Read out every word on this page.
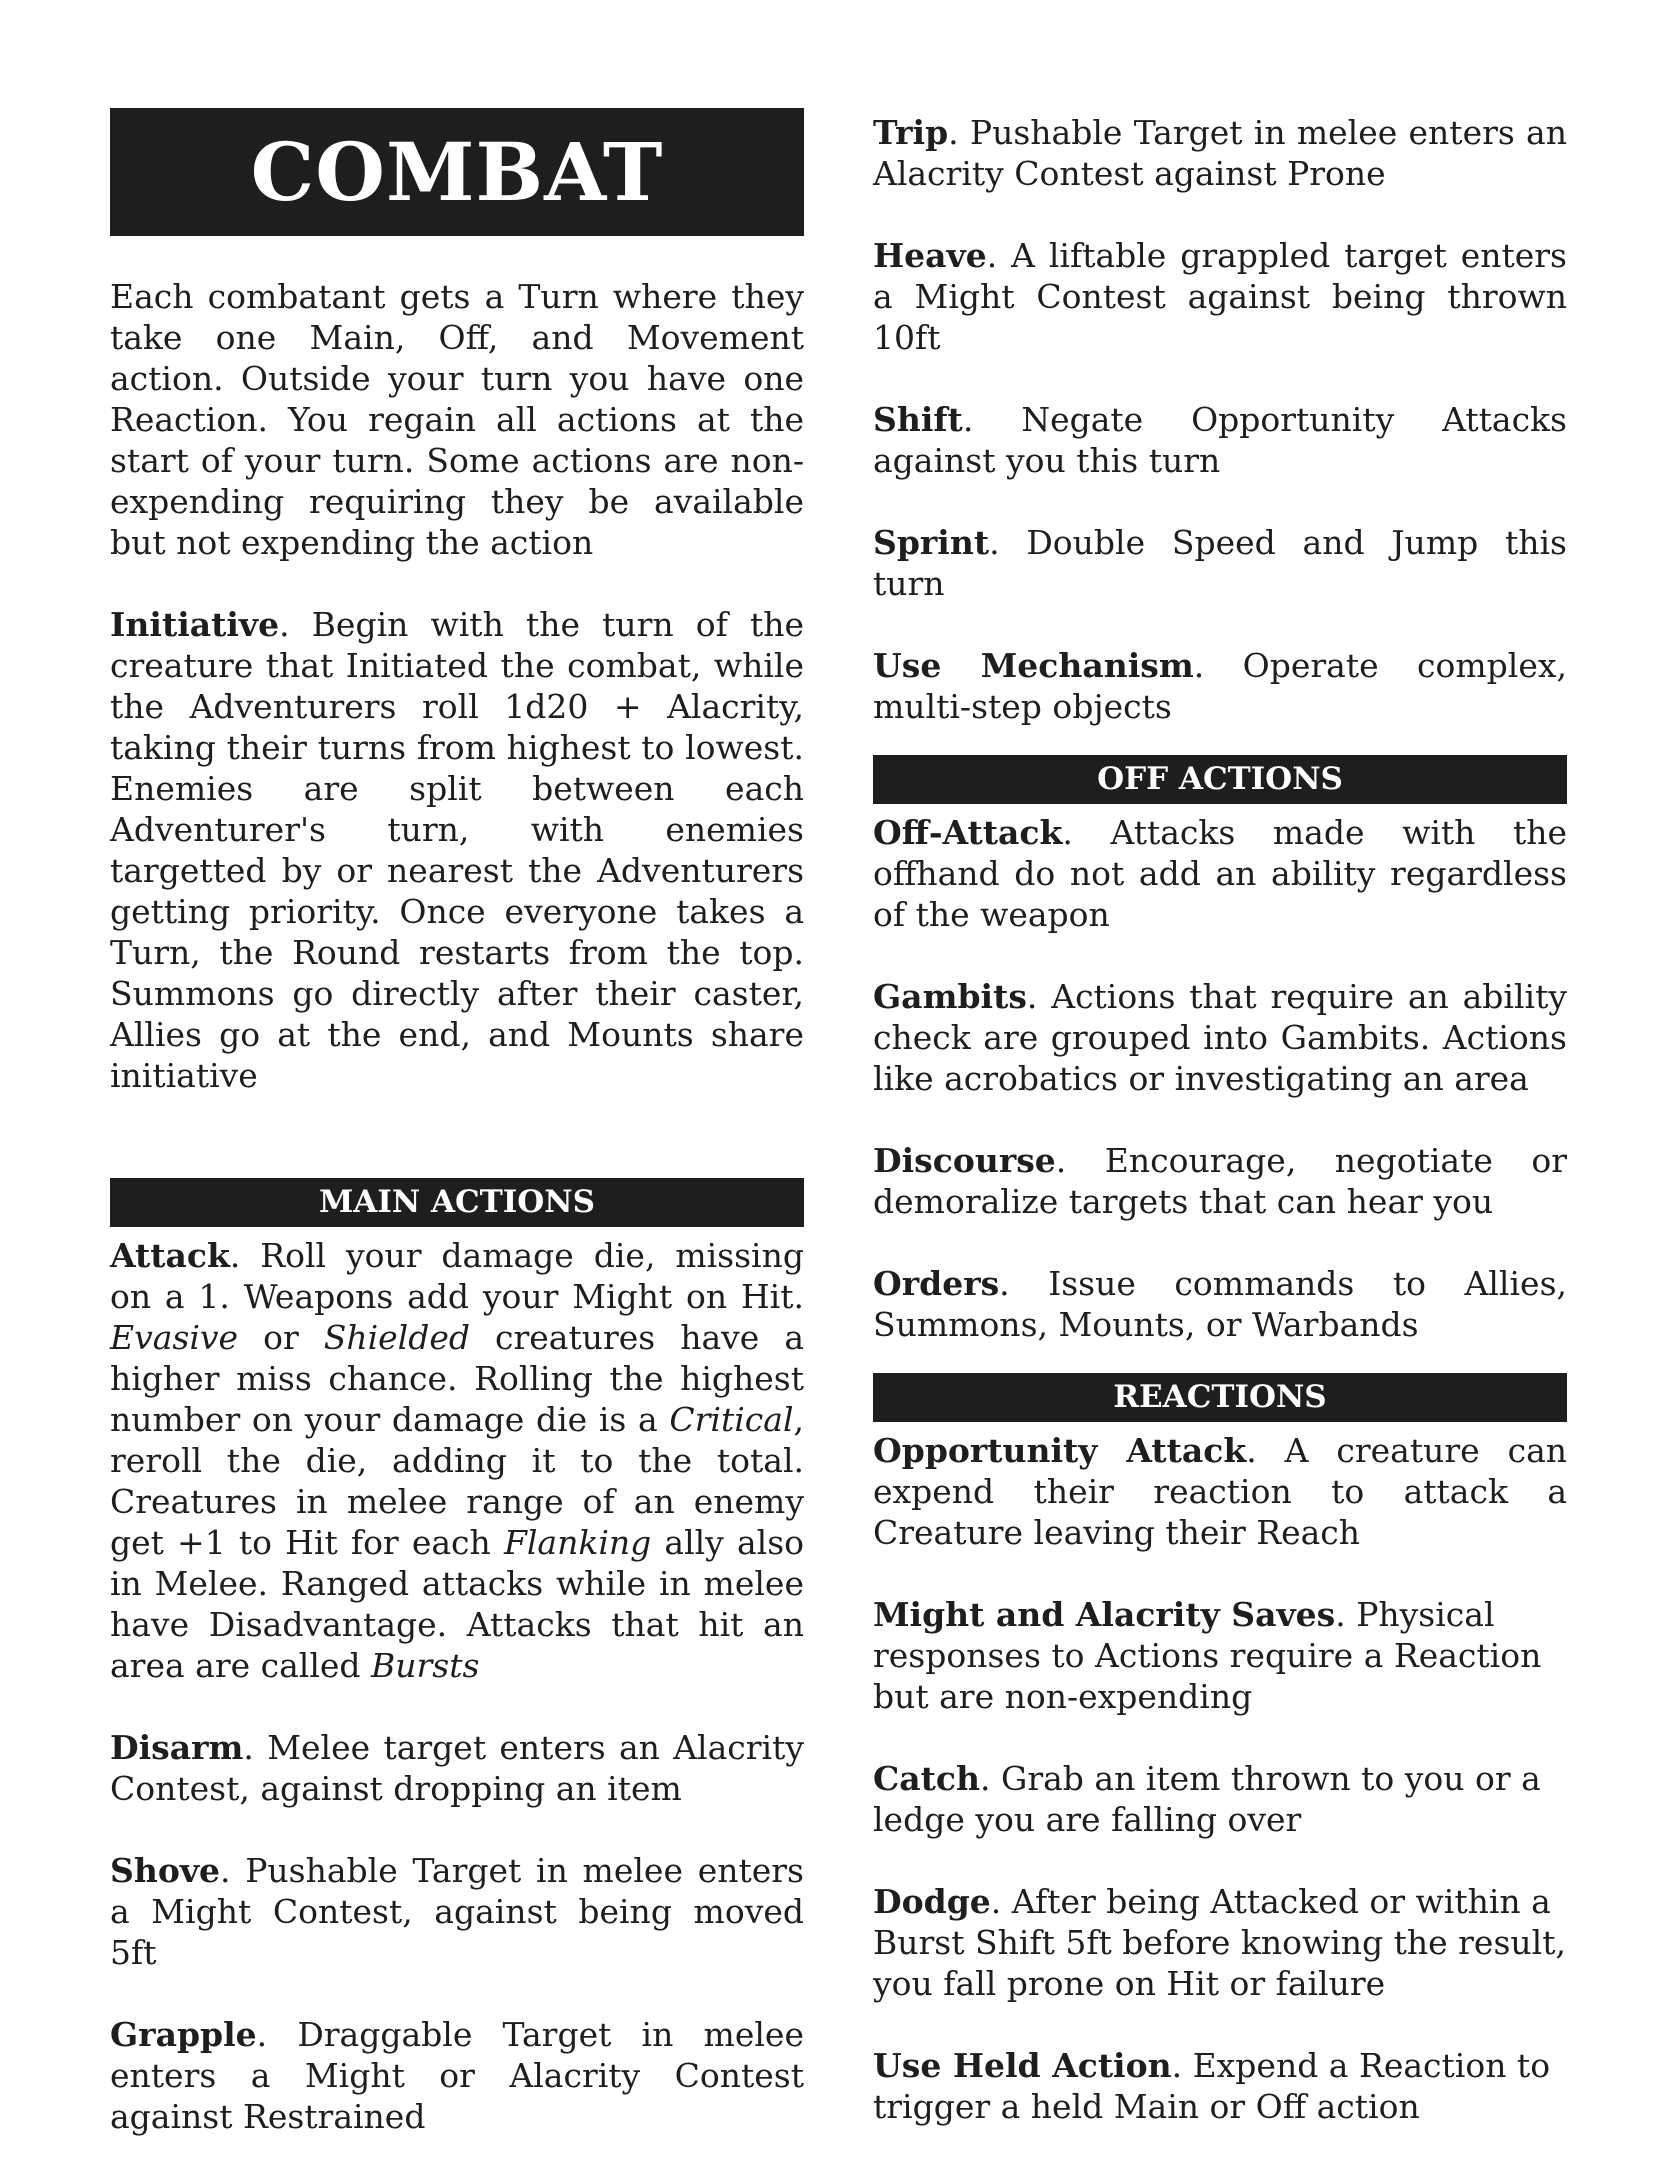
COMBAT

Each combatant gets a Turn where they take one Main, Off, and Movement action. Outside your turn you have one Reaction. You regain all actions at the start of your turn. Some actions are non-expending requiring they be available but not expending the action

Initiative. Begin with the turn of the creature that Initiated the combat, while the Adventurers roll 1d20 + Alacrity, taking their turns from highest to lowest. Enemies are split between each Adventurer's turn, with enemies targetted by or nearest the Adventurers getting priority. Once everyone takes a Turn, the Round restarts from the top. Summons go directly after their caster, Allies go at the end, and Mounts share initiative

MAIN ACTIONS

Attack. Roll your damage die, missing on a 1. Weapons add your Might on Hit. Evasive or Shielded creatures have a higher miss chance. Rolling the highest number on your damage die is a Critical, reroll the die, adding it to the total. Creatures in melee range of an enemy get +1 to Hit for each Flanking ally also in Melee. Ranged attacks while in melee have Disadvantage. Attacks that hit an area are called Bursts

Disarm. Melee target enters an Alacrity Contest, against dropping an item

Shove. Pushable Target in melee enters a Might Contest, against being moved 5ft

Grapple. Draggable Target in melee enters a Might or Alacrity Contest against Restrained

Trip. Pushable Target in melee enters an Alacrity Contest against Prone

Heave. A liftable grappled target enters a Might Contest against being thrown 10ft

Shift. Negate Opportunity Attacks against you this turn

Sprint. Double Speed and Jump this turn

Use Mechanism. Operate complex, multi-step objects

OFF ACTIONS

Off-Attack. Attacks made with the offhand do not add an ability regardless of the weapon

Gambits. Actions that require an ability check are grouped into Gambits. Actions like acrobatics or investigating an area

Discourse. Encourage, negotiate or demoralize targets that can hear you

Orders. Issue commands to Allies, Summons, Mounts, or Warbands

REACTIONS

Opportunity Attack. A creature can expend their reaction to attack a Creature leaving their Reach

Might and Alacrity Saves. Physical responses to Actions require a Reaction but are non-expending

Catch. Grab an item thrown to you or a ledge you are falling over

Dodge. After being Attacked or within a Burst Shift 5ft before knowing the result, you fall prone on Hit or failure

Use Held Action. Expend a Reaction to trigger a held Main or Off action
